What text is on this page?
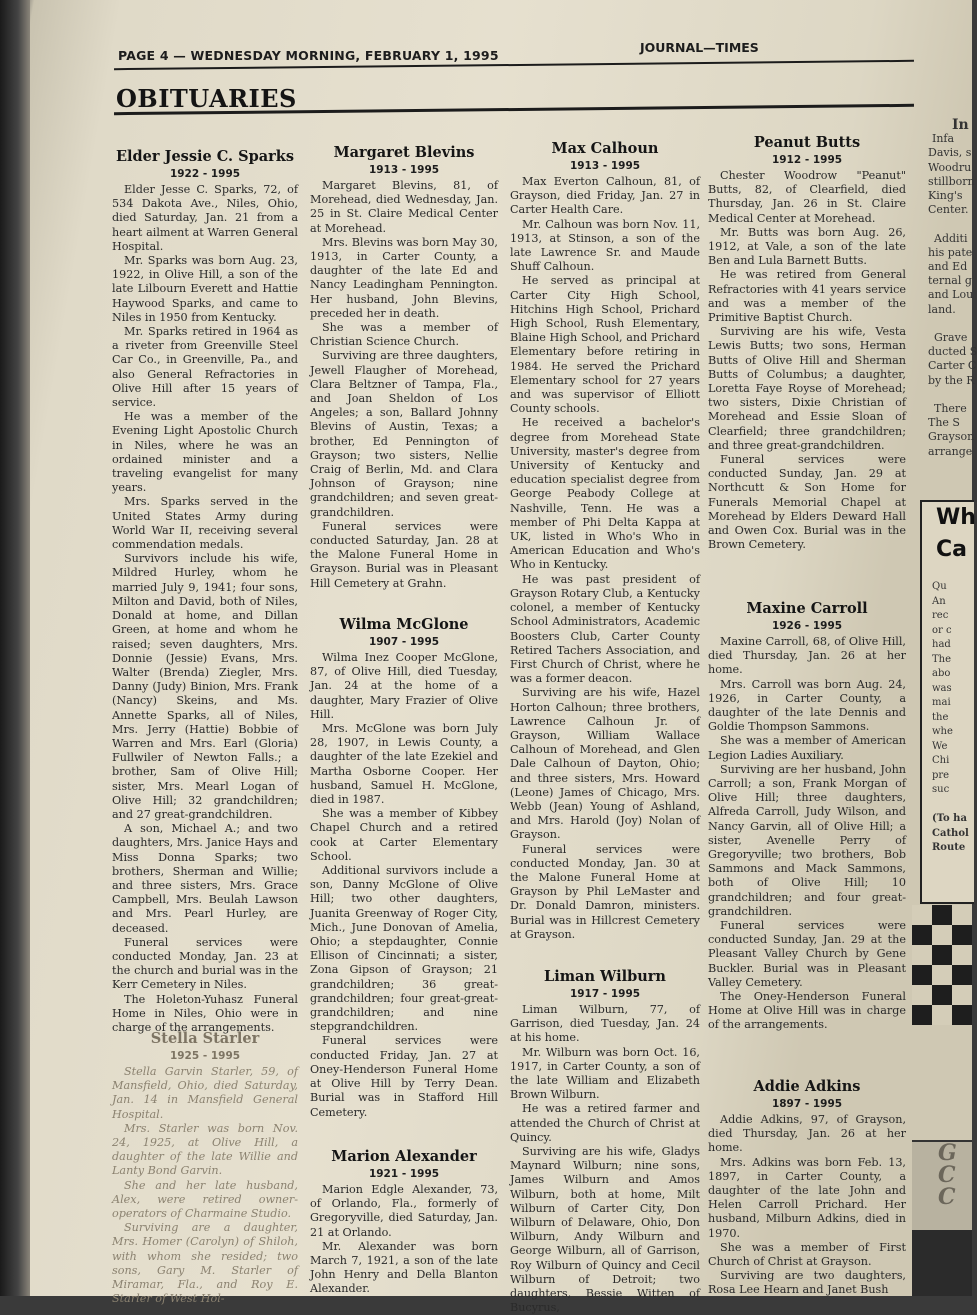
PAGE 4 — WEDNESDAY MORNING, FEBRUARY 1, 1995
JOURNAL—TIMES
OBITUARIES
Elder Jessie C. Sparks
1922 - 1995

Elder Jesse C. Sparks, 72, of 534 Dakota Ave., Niles, Ohio, died Saturday, Jan. 21 from a heart ailment at Warren General Hospital.

Mr. Sparks was born Aug. 23, 1922, in Olive Hill, a son of the late Lilbourn Everett and Hattie Haywood Sparks, and came to Niles in 1950 from Kentucky.

Mr. Sparks retired in 1964 as a riveter from Greenville Steel Car Co., in Greenville, Pa., and also General Refractories in Olive Hill after 15 years of service.

He was a member of the Evening Light Apostolic Church in Niles, where he was an ordained minister and a traveling evangelist for many years.

Mrs. Sparks served in the United States Army during World War II, receiving several commendation medals.

Survivors include his wife, Mildred Hurley, whom he married July 9, 1941; four sons, Milton and David, both of Niles, Donald at home, and Dillan Green, at home and whom he raised; seven daughters, Mrs. Donnie (Jessie) Evans, Mrs. Walter (Brenda) Ziegler, Mrs. Danny (Judy) Binion, Mrs. Frank (Nancy) Skeins, and Ms. Annette Sparks, all of Niles, Mrs. Jerry (Hattie) Bobbie of Warren and Mrs. Earl (Gloria) Fullwiler of Newton Falls.; a brother, Sam of Olive Hill; sister, Mrs. Mearl Logan of Olive Hill; 32 grandchildren; and 27 great-grandchildren.

A son, Michael A.; and two daughters, Mrs. Janice Hays and Miss Donna Sparks; two brothers, Sherman and Willie; and three sisters, Mrs. Grace Campbell, Mrs. Beulah Lawson and Mrs. Pearl Hurley, are deceased.

Funeral services were conducted Monday, Jan. 23 at the church and burial was in the Kerr Cemetery in Niles.

The Holeton-Yuhasz Funeral Home in Niles, Ohio were in charge of the arrangements.

Stella Starler
1925 - 1995

Stella Garvin Starler, 59, of Mansfield, Ohio, died Saturday, Jan. 14 in Mansfield General Hospital.

Mrs. Starler was born Nov. 24, 1925, at Olive Hill, a daughter of the late Willie and Lanty Bond Garvin.

She and her late husband, Alex, were retired owner-operators of Charmaine Studio.

Surviving are a daughter, Mrs. Homer (Carolyn) of Shiloh, with whom she resided; two sons, Gary M. Starler of Miramar, Fla., and Roy E. Starler of West Hol-

Margaret Blevins
1913 - 1995

Margaret Blevins, 81, of Morehead, died Wednesday, Jan. 25 in St. Claire Medical Center at Morehead.

Mrs. Blevins was born May 30, 1913, in Carter County, a daughter of the late Ed and Nancy Leadingham Pennington. Her husband, John Blevins, preceded her in death.

She was a member of Christian Science Church.

Surviving are three daughters, Jewell Flaugher of Morehead, Clara Beltzner of Tampa, Fla., and Joan Sheldon of Los Angeles; a son, Ballard Johnny Blevins of Austin, Texas; a brother, Ed Pennington of Grayson; two sisters, Nellie Craig of Berlin, Md. and Clara Johnson of Grayson; nine grandchildren; and seven great-grandchildren.

Funeral services were conducted Saturday, Jan. 28 at the Malone Funeral Home in Grayson. Burial was in Pleasant Hill Cemetery at Grahn.

Wilma McGlone
1907 - 1995

Wilma Inez Cooper McGlone, 87, of Olive Hill, died Tuesday, Jan. 24 at the home of a daughter, Mary Frazier of Olive Hill.

Mrs. McGlone was born July 28, 1907, in Lewis County, a daughter of the late Ezekiel and Martha Osborne Cooper. Her husband, Samuel H. McGlone, died in 1987.

She was a member of Kibbey Chapel Church and a retired cook at Carter Elementary School.

Additional survivors include a son, Danny McGlone of Olive Hill; two other daughters, Juanita Greenway of Roger City, Mich., June Donovan of Amelia, Ohio; a stepdaughter, Connie Ellison of Cincinnati; a sister, Zona Gipson of Grayson; 21 grandchildren; 36 great-grandchildren; four great-great-grandchildren; and nine stepgrandchildren.

Funeral services were conducted Friday, Jan. 27 at Oney-Henderson Funeral Home at Olive Hill by Terry Dean. Burial was in Stafford Hill Cemetery.

Marion Alexander
1921 - 1995

Marion Edgle Alexander, 73, of Orlando, Fla., formerly of Gregoryville, died Saturday, Jan. 21 at Orlando.

Mr. Alexander was born March 7, 1921, a son of the late John Henry and Della Blanton Alexander.

Max Calhoun
1913 - 1995

Max Everton Calhoun, 81, of Grayson, died Friday, Jan. 27 in Carter Health Care.

Mr. Calhoun was born Nov. 11, 1913, at Stinson, a son of the late Lawrence Sr. and Maude Shuff Calhoun.

He served as principal at Carter City High School, Hitchins High School, Prichard High School, Rush Elementary, Blaine High School, and Prichard Elementary before retiring in 1984. He served the Prichard Elementary school for 27 years and was supervisor of Elliott County schools.

He received a bachelor's degree from Morehead State University, master's degree from University of Kentucky and education specialist degree from George Peabody College at Nashville, Tenn. He was a member of Phi Delta Kappa at UK, listed in Who's Who in American Education and Who's Who in Kentucky.

He was past president of Grayson Rotary Club, a Kentucky colonel, a member of Kentucky School Administrators, Academic Boosters Club, Carter County Retired Tachers Association, and First Church of Christ, where he was a former deacon.

Surviving are his wife, Hazel Horton Calhoun; three brothers, Lawrence Calhoun Jr. of Grayson, William Wallace Calhoun of Morehead, and Glen Dale Calhoun of Dayton, Ohio; and three sisters, Mrs. Howard (Leone) James of Chicago, Mrs. Webb (Jean) Young of Ashland, and Mrs. Harold (Joy) Nolan of Grayson.

Funeral services were conducted Monday, Jan. 30 at the Malone Funeral Home at Grayson by Phil LeMaster and Dr. Donald Damron, ministers. Burial was in Hillcrest Cemetery at Grayson.

Liman Wilburn
1917 - 1995

Liman Wilburn, 77, of Garrison, died Tuesday, Jan. 24 at his home.

Mr. Wilburn was born Oct. 16, 1917, in Carter County, a son of the late William and Elizabeth Brown Wilburn.

He was a retired farmer and attended the Church of Christ at Quincy.

Surviving are his wife, Gladys Maynard Wilburn; nine sons, James Wilburn and Amos Wilburn, both at home, Milt Wilburn of Carter City, Don Wilburn of Delaware, Ohio, Don Wilburn, Andy Wilburn and George Wilburn, all of Garrison, Roy Wilburn of Quincy and Cecil Wilburn of Detroit; two daughters, Bessie Witten of Bucyrus,

Peanut Butts
1912 - 1995

Chester Woodrow "Peanut" Butts, 82, of Clearfield, died Thursday, Jan. 26 in St. Claire Medical Center at Morehead.

Mr. Butts was born Aug. 26, 1912, at Vale, a son of the late Ben and Lula Barnett Butts.

He was retired from General Refractories with 41 years service and was a member of the Primitive Baptist Church.

Surviving are his wife, Vesta Lewis Butts; two sons, Herman Butts of Olive Hill and Sherman Butts of Columbus; a daughter, Loretta Faye Royse of Morehead; two sisters, Dixie Christian of Morehead and Essie Sloan of Clearfield; three grandchildren; and three great-grandchildren.

Funeral services were conducted Sunday, Jan. 29 at Northcutt & Son Home for Funerals Memorial Chapel at Morehead by Elders Deward Hall and Owen Cox. Burial was in the Brown Cemetery.

Maxine Carroll
1926 - 1995

Maxine Carroll, 68, of Olive Hill, died Thursday, Jan. 26 at her home.

Mrs. Carroll was born Aug. 24, 1926, in Carter County, a daughter of the late Dennis and Goldie Thompson Sammons.

She was a member of American Legion Ladies Auxiliary.

Surviving are her husband, John Carroll; a son, Frank Morgan of Olive Hill; three daughters, Alfreda Carroll, Judy Wilson, and Nancy Garvin, all of Olive Hill; a sister, Avenelle Perry of Gregoryville; two brothers, Bob Sammons and Mack Sammons, both of Olive Hill; 10 grandchildren; and four great-grandchildren.

Funeral services were conducted Sunday, Jan. 29 at the Pleasant Valley Church by Gene Buckler. Burial was in Pleasant Valley Cemetery.

The Oney-Henderson Funeral Home at Olive Hill was in charge of the arrangements.

Addie Adkins
1897 - 1995

Addie Adkins, 97, of Grayson, died Thursday, Jan. 26 at her home.

Mrs. Adkins was born Feb. 13, 1897, in Carter County, a daughter of the late John and Helen Carroll Prichard. Her husband, Milburn Adkins, died in 1970.

She was a member of First Church of Christ at Grayson.

Surviving are two daughters, Rosa Lee Hearn and Janet Bush

In
Infa
Davis, s
Woodru
stillborn
King's
Center.

Additi
his pate
and Ed
ternal g
and Lou
land.

Grave
ducted S
Carter C
by the R

There
The S
Grayson
arrange
Wh
Ca
Qu
An
rec
or c
had
The
abo
was
mai
the
whe
We
Chi
pre
suc

(To ha
Cathol
Route
G C C
